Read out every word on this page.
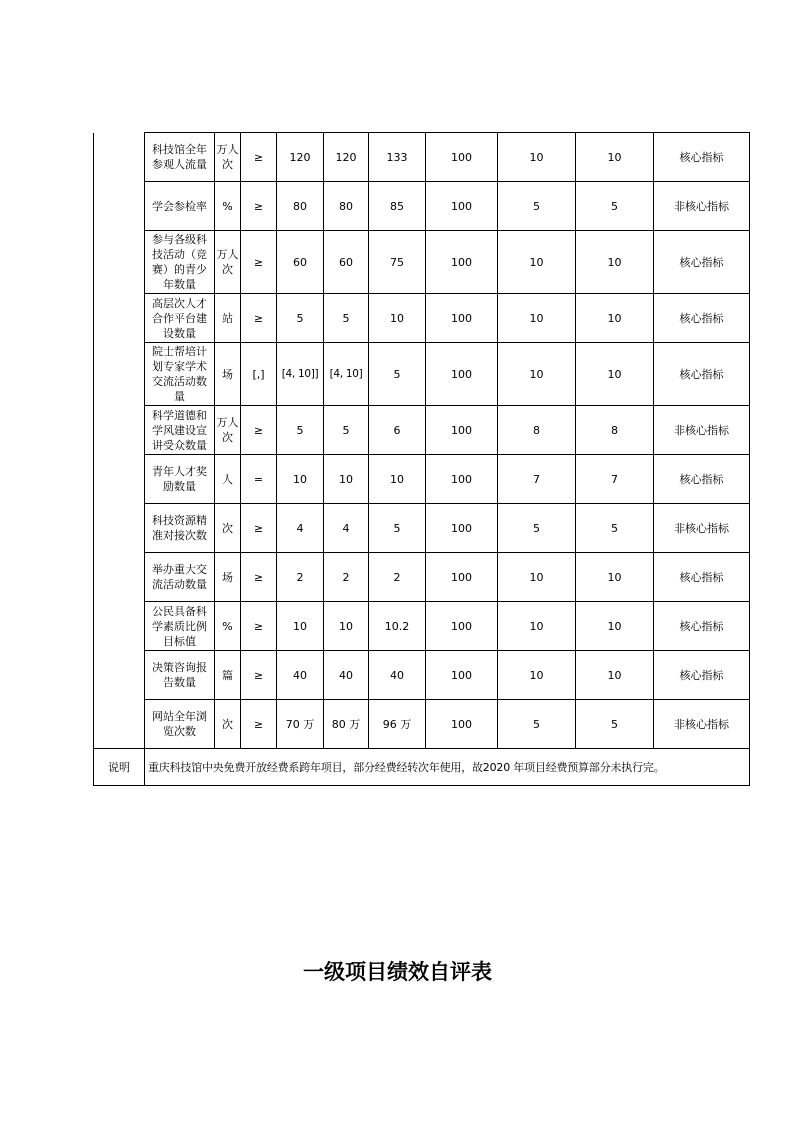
	科技馆全年参观人流量	万人次	≥	120	120	133	100	10	10	核心指标
	学会参检率	%	≥	80	80	85	100	5	5	非核心指标
	参与各级科技活动（竞赛）的青少年数量	万人次	≥	60	60	75	100	10	10	核心指标
	高层次人才合作平台建设数量	站	≥	5	5	10	100	10	10	核心指标
	院士帮培计划专家学术交流活动数量	场	[,]	[4, 10]]	[4, 10]	5	100	10	10	核心指标
	科学道德和学风建设宣讲受众数量	万人次	≥	5	5	6	100	8	8	非核心指标
	青年人才奖励数量	人	=	10	10	10	100	7	7	核心指标
	科技资源精准对接次数	次	≥	4	4	5	100	5	5	非核心指标
	举办重大交流活动数量	场	≥	2	2	2	100	10	10	核心指标
	公民具备科学素质比例目标值	%	≥	10	10	10.2	100	10	10	核心指标
	决策咨询报告数量	篇	≥	40	40	40	100	10	10	核心指标
	网站全年浏览次数	次	≥	70 万	80 万	96 万	100	5	5	非核心指标
说明	重庆科技馆中央免费开放经费系跨年项目，部分经费经转次年使用，故2020 年项目经费预算部分未执行完。									
一级项目绩效自评表
